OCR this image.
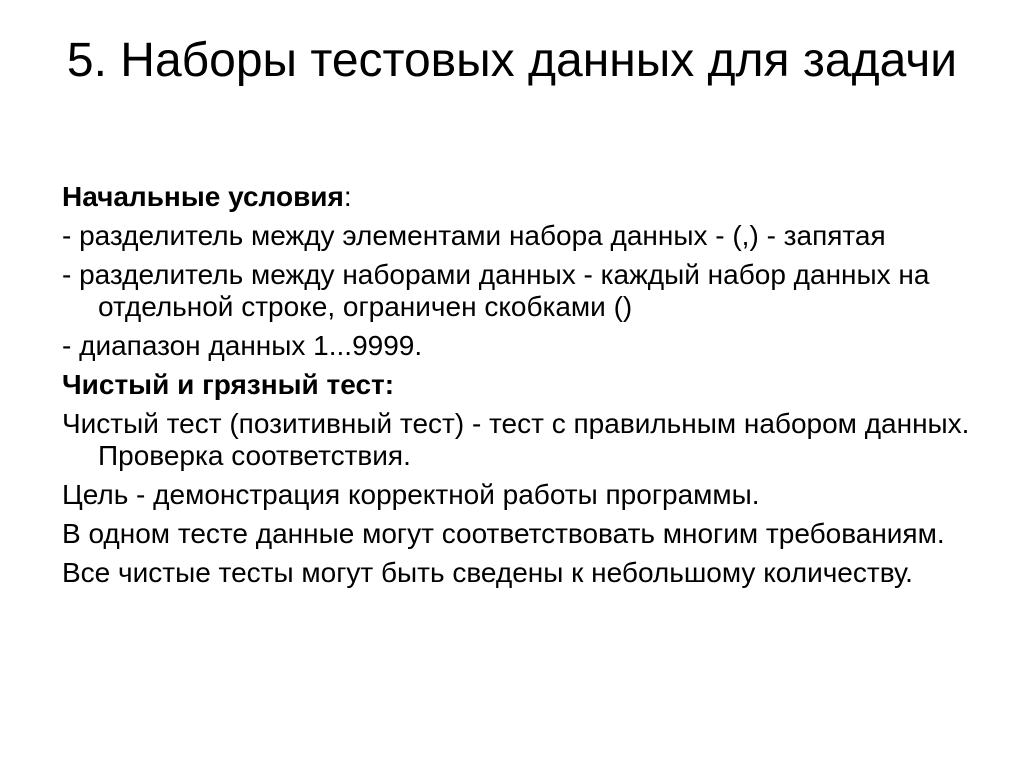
5. Наборы тестовых данных для задачи

Начальные условия:

- разделитель между элементами набора данных - (,) - запятая

- разделитель между наборами данных - каждый набор данных на отдельной строке, ограничен скобками ()

- диапазон данных 1...9999.

Чистый и грязный тест:

Чистый тест (позитивный тест) - тест с правильным набором данных. Проверка соответствия.

Цель - демонстрация корректной работы программы.

В одном тесте данные могут соответствовать многим требованиям.

Все чистые тесты могут быть сведены к небольшому количеству.
